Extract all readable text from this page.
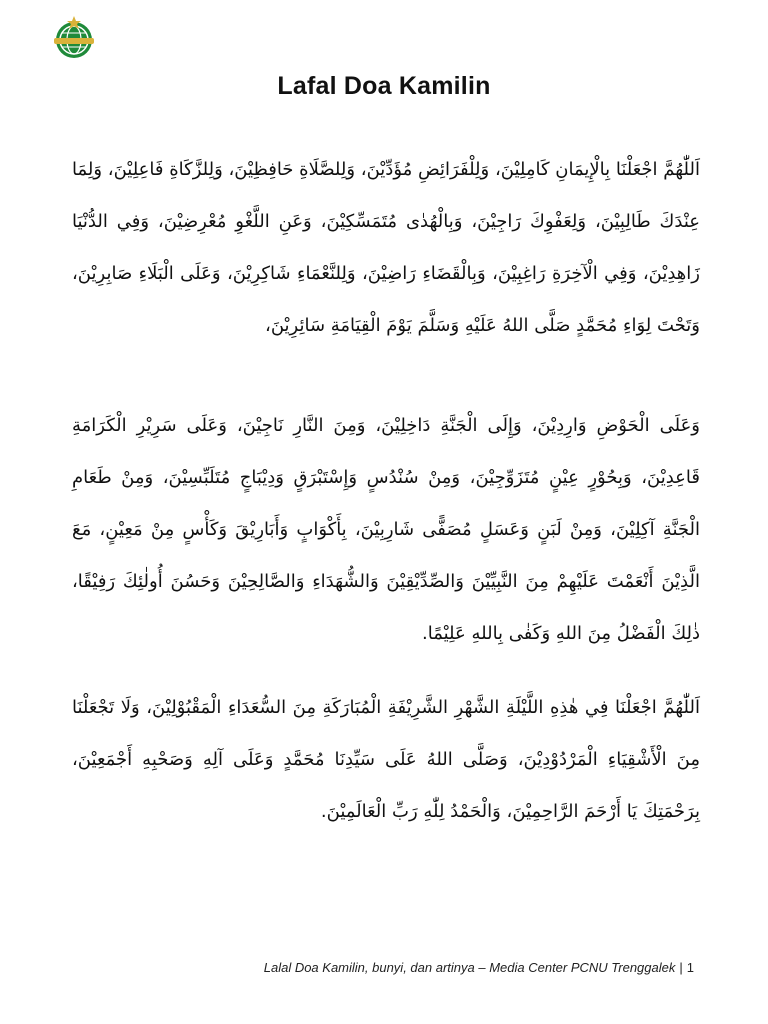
Lafal Doa Kamilin

اَللّٰهُمَّ اجْعَلْنَا بِالْإِيمَانِ كَامِلِيْنَ، وَلِلْفَرَائِضِ مُؤَدِّيْنَ، وَلِلصَّلَاةِ حَافِظِيْنَ، وَلِلزَّكَاةِ فَاعِلِيْنَ، وَلِمَا عِنْدَكَ طَالِبِيْنَ، وَلِعَفْوِكَ رَاجِيْنَ، وَبِالْهُدٰى مُتَمَسِّكِيْنَ، وَعَنِ اللَّغْوِ مُعْرِضِيْنَ، وَفِي الدُّنْيَا زَاهِدِيْنَ، وَفِي الْآخِرَةِ رَاغِبِيْنَ، وَبِالْقَضَاءِ رَاضِيْنَ، وَلِلنَّعْمَاءِ شَاكِرِيْنَ، وَعَلَى الْبَلَاءِ صَابِرِيْنَ، وَتَحْتَ لِوَاءِ مُحَمَّدٍ صَلَّى اللهُ عَلَيْهِ وَسَلَّمَ يَوْمَ الْقِيَامَةِ سَائِرِيْنَ،

وَعَلَى الْحَوْضِ وَارِدِيْنَ، وَإِلَى الْجَنَّةِ دَاخِلِيْنَ، وَمِنَ النَّارِ نَاجِيْنَ، وَعَلَى سَرِيْرِ الْكَرَامَةِ قَاعِدِيْنَ، وَبِحُوْرٍ عِيْنٍ مُتَزَوِّجِيْنَ، وَمِنْ سُنْدُسٍ وَإِسْتَبْرَقٍ وَدِيْبَاجٍ مُتَلَبِّسِيْنَ، وَمِنْ طَعَامِ الْجَنَّةِ آكِلِيْنَ، وَمِنْ لَبَنٍ وَعَسَلٍ مُصَفًّى شَارِبِيْنَ، بِأَكْوَابٍ وَأَبَارِيْقَ وَكَأْسٍ مِنْ مَعِيْنٍ، مَعَ الَّذِيْنَ أَنْعَمْتَ عَلَيْهِمْ مِنَ النَّبِيِّيْنَ وَالصِّدِّيْقِيْنَ وَالشُّهَدَاءِ وَالصَّالِحِيْنَ وَحَسُنَ أُولٰئِكَ رَفِيْقًا، ذٰلِكَ الْفَضْلُ مِنَ اللهِ وَكَفٰى بِاللهِ عَلِيْمًا.

اَللّٰهُمَّ اجْعَلْنَا فِي هٰذِهِ اللَّيْلَةِ الشَّهْرِ الشَّرِيْفَةِ الْمُبَارَكَةِ مِنَ السُّعَدَاءِ الْمَقْبُوْلِيْنَ، وَلَا تَجْعَلْنَا مِنَ الْأَشْقِيَاءِ الْمَرْدُوْدِيْنَ، وَصَلَّى اللهُ عَلَى سَيِّدِنَا مُحَمَّدٍ وَعَلَى آلِهِ وَصَحْبِهِ أَجْمَعِيْنَ، بِرَحْمَتِكَ يَا أَرْحَمَ الرَّاحِمِيْنَ، وَالْحَمْدُ لِلّٰهِ رَبِّ الْعَالَمِيْنَ.

Lalal Doa Kamilin, bunyi, dan artinya – Media Center PCNU Trenggalek | 1
